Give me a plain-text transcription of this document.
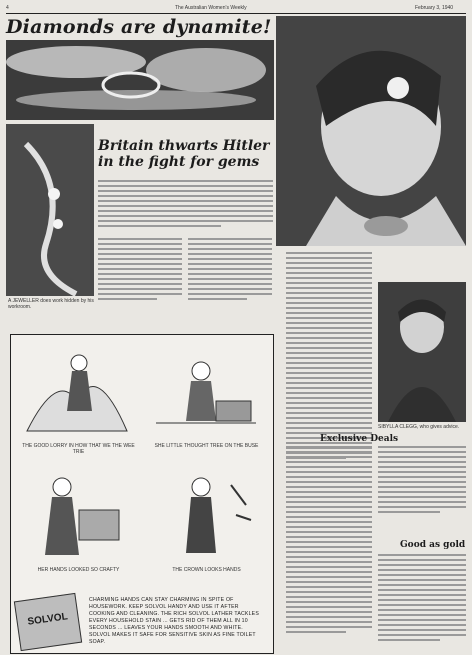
4	The Australian Women's Weekly	February 3, 1940
Diamonds are dynamite!
A JEWELLER does work hidden by his workroom.
Britain thwarts Hitler
in the fight for gems
SIBYLLA CLEGG, who gives advice.
Exclusive Deals
Good as gold
THE GOOD LORRY IN HOW THAT WE THE WEE TRIE
SHE LITTLE THOUGHT TREE ON THE BUSE
HER HANDS LOOKED SO CRAFTY	THE CROWN LOOKS HANDS
SOLVOL
CHARMING HANDS CAN STAY CHARMING IN SPITE OF HOUSEWORK. KEEP SOLVOL HANDY AND USE IT AFTER COOKING AND CLEANING. THE RICH SOLVOL LATHER TACKLES EVERY HOUSEHOLD STAIN ... GETS RID OF THEM ALL IN 10 SECONDS ... LEAVES YOUR HANDS SMOOTH AND WHITE. SOLVOL MAKES IT SAFE FOR SENSITIVE SKIN AS FINE TOILET SOAP.
